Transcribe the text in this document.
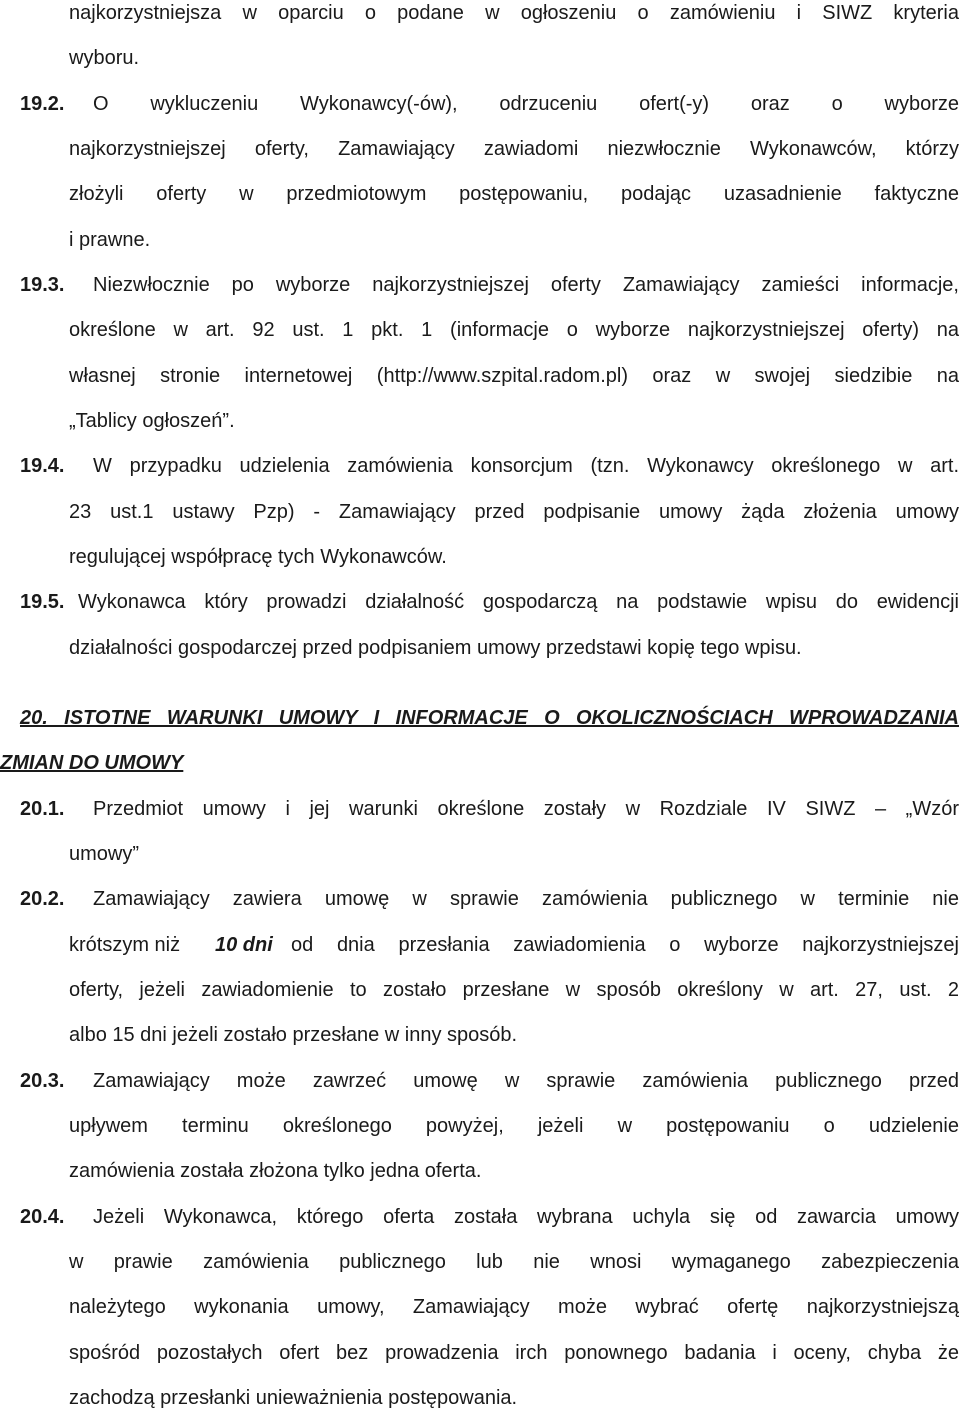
najkorzystniejsza w oparciu o podane w ogłoszeniu o zamówieniu i SIWZ kryteria

wyboru.

19.2. O wykluczeniu Wykonawcy(-ów), odrzuceniu ofert(-y) oraz o wyborze

najkorzystniejszej oferty, Zamawiający zawiadomi niezwłocznie Wykonawców, którzy

złożyli oferty w przedmiotowym postępowaniu, podając uzasadnienie faktyczne

i prawne.

19.3. Niezwłocznie po wyborze najkorzystniejszej oferty Zamawiający zamieści informacje,

określone w art. 92 ust. 1 pkt. 1 (informacje o wyborze najkorzystniejszej oferty) na

własnej stronie internetowej (http://www.szpital.radom.pl) oraz w swojej siedzibie na

„Tablicy ogłoszeń”.

19.4. W przypadku udzielenia zamówienia konsorcjum (tzn. Wykonawcy określonego w art.

23 ust.1 ustawy Pzp) - Zamawiający przed podpisanie umowy żąda złożenia umowy

regulującej współpracę tych Wykonawców.

19.5. Wykonawca który prowadzi działalność gospodarczą na podstawie wpisu do ewidencji

działalności gospodarczej przed podpisaniem umowy przedstawi kopię tego wpisu.

20. ISTOTNE WARUNKI UMOWY I INFORMACJE O OKOLICZNOŚCIACH WPROWADZANIA

ZMIAN DO UMOWY

20.1. Przedmiot umowy i jej warunki określone zostały w Rozdziale IV SIWZ – „Wzór

umowy”

20.2. Zamawiający zawiera umowę w sprawie zamówienia publicznego w terminie nie

krótszym niż 10 dni od dnia przesłania zawiadomienia o wyborze najkorzystniejszej

oferty, jeżeli zawiadomienie to zostało przesłane w sposób określony w art. 27, ust. 2

albo 15 dni jeżeli zostało przesłane w inny sposób.

20.3. Zamawiający może zawrzeć umowę w sprawie zamówienia publicznego przed

upływem terminu określonego powyżej, jeżeli w postępowaniu o udzielenie

zamówienia została złożona tylko jedna oferta.

20.4. Jeżeli Wykonawca, którego oferta została wybrana uchyla się od zawarcia umowy

w prawie zamówienia publicznego lub nie wnosi wymaganego zabezpieczenia

należytego wykonania umowy, Zamawiający może wybrać ofertę najkorzystniejszą

spośród pozostałych ofert bez prowadzenia irch ponownego badania i oceny, chyba że

zachodzą przesłanki unieważnienia postępowania.
